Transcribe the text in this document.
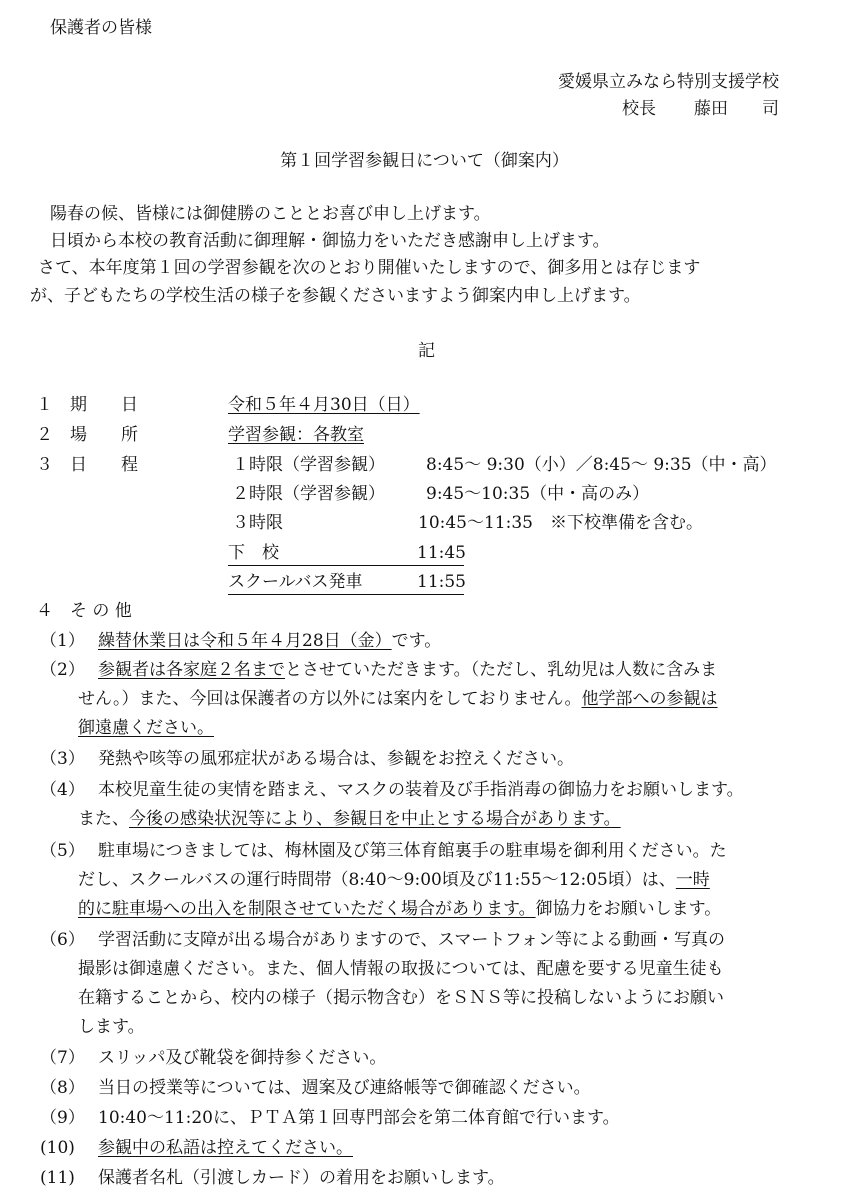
保護者の皆様
愛媛県立みなら特別支援学校
校長 藤田　　司
第１回学習参観日について（御案内）
陽春の候、皆様には御健勝のこととお喜び申し上げます。
日頃から本校の教育活動に御理解・御協力をいただき感謝申し上げます。
さて、本年度第１回の学習参観を次のとおり開催いたしますので、御多用とは存じます
が、子どもたちの学校生活の様子を参観くださいますよう御案内申し上げます。
記
１ 期　　日	令和５年４月30日（日）
２ 場　　所	学習参観：各教室
３ 日　　程	１時限（学習参観） 8:45～ 9:30（小）／8:45～ 9:35（中・高）
２時限（学習参観） 9:45～10:35（中・高のみ）
３時限	10:45～11:35　※下校準備を含む。
下　校	11:45
スクールバス発車	11:55
４ そ の 他
（1） 繰替休業日は令和５年４月28日（金）です。
（2） 参観者は各家庭２名までとさせていただきます。（ただし、乳幼児は人数に含みま
せん。）また、今回は保護者の方以外には案内をしておりません。他学部への参観は
御遠慮ください。
（3） 発熱や咳等の風邪症状がある場合は、参観をお控えください。
（4） 本校児童生徒の実情を踏まえ、マスクの装着及び手指消毒の御協力をお願いします。
また、今後の感染状況等により、参観日を中止とする場合があります。
（5） 駐車場につきましては、梅林園及び第三体育館裏手の駐車場を御利用ください。た
だし、スクールバスの運行時間帯（8:40～9:00頃及び11:55～12:05頃）は、一時
的に駐車場への出入を制限させていただく場合があります。御協力をお願いします。
（6） 学習活動に支障が出る場合がありますので、スマートフォン等による動画・写真の
撮影は御遠慮ください。また、個人情報の取扱については、配慮を要する児童生徒も
在籍することから、校内の様子（掲示物含む）をＳＮＳ等に投稿しないようにお願い
します。
（7） スリッパ及び靴袋を御持参ください。
（8） 当日の授業等については、週案及び連絡帳等で御確認ください。
（9） 10:40～11:20に、ＰＴＡ第１回専門部会を第二体育館で行います。
(10) 参観中の私語は控えてください。
(11) 保護者名札（引渡しカード）の着用をお願いします。
